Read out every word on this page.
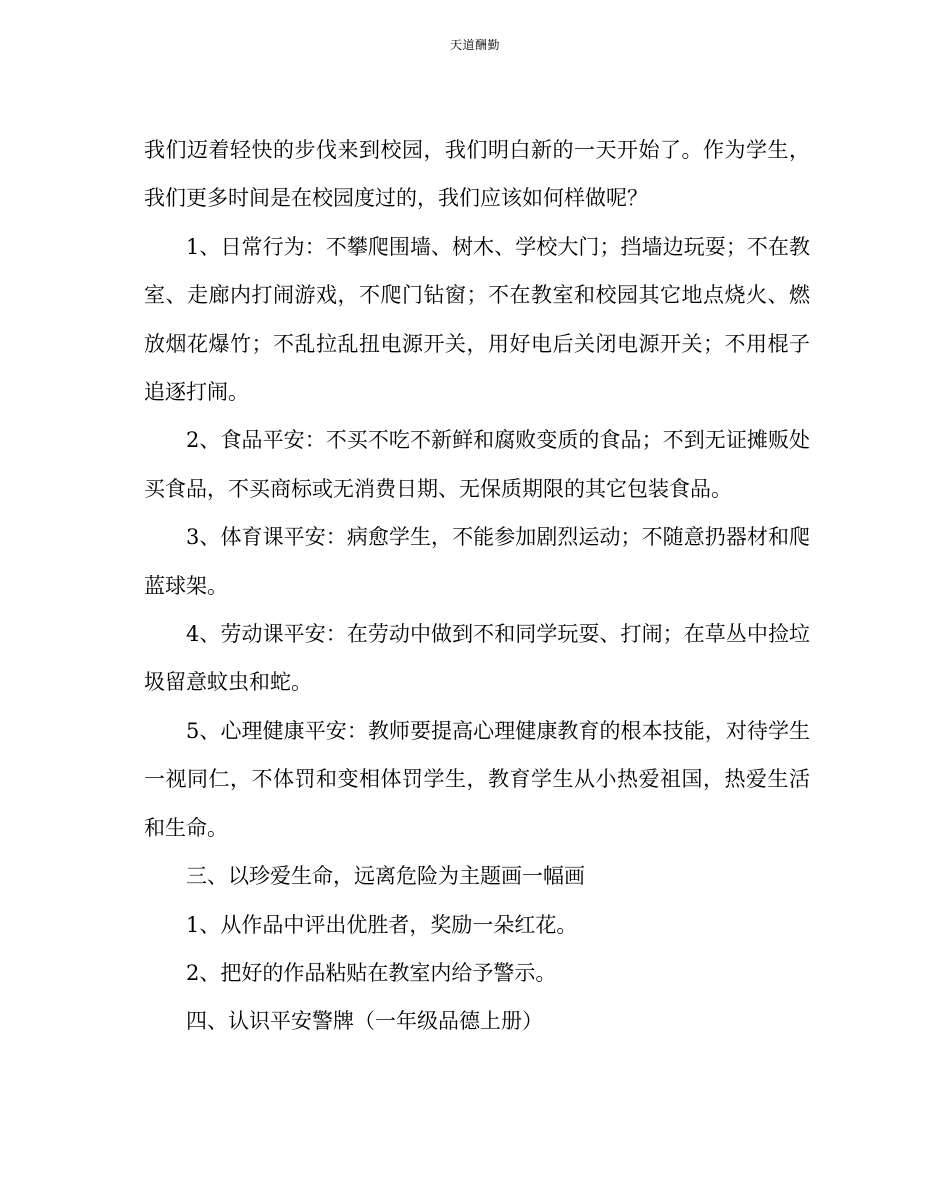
天道酬勤

我们迈着轻快的步伐来到校园，我们明白新的一天开始了。作为学生，我们更多时间是在校园度过的，我们应该如何样做呢？

1、日常行为：不攀爬围墙、树木、学校大门；挡墙边玩耍；不在教室、走廊内打闹游戏，不爬门钻窗；不在教室和校园其它地点烧火、燃放烟花爆竹；不乱拉乱扭电源开关，用好电后关闭电源开关；不用棍子追逐打闹。

2、食品平安：不买不吃不新鲜和腐败变质的食品；不到无证摊贩处买食品，不买商标或无消费日期、无保质期限的其它包装食品。

3、体育课平安：病愈学生，不能参加剧烈运动；不随意扔器材和爬蓝球架。

4、劳动课平安：在劳动中做到不和同学玩耍、打闹；在草丛中捡垃圾留意蚊虫和蛇。

5、心理健康平安：教师要提高心理健康教育的根本技能，对待学生一视同仁，不体罚和变相体罚学生，教育学生从小热爱祖国，热爱生活和生命。

三、以珍爱生命，远离危险为主题画一幅画

1、从作品中评出优胜者，奖励一朵红花。

2、把好的作品粘贴在教室内给予警示。

四、认识平安警牌（一年级品德上册）
